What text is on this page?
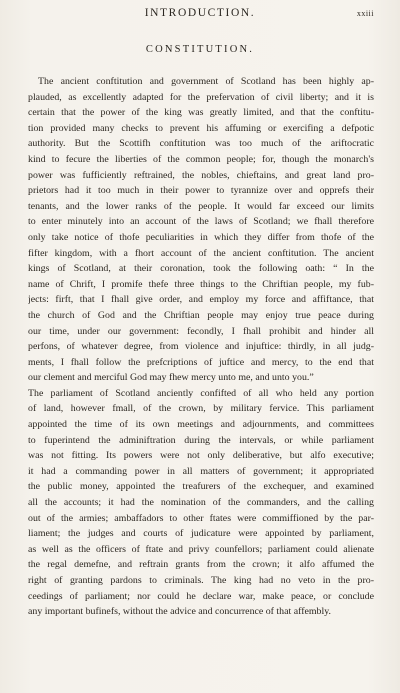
INTRODUCTION.	xxiii
CONSTITUTION.
The ancient conftitution and government of Scotland has been highly ap-
plauded, as excellently adapted for the prefervation of civil liberty; and it is
certain that the power of the king was greatly limited, and that the conftitu-
tion provided many checks to prevent his affuming or exercifing a defpotic
authority. But the Scottifh conftitution was too much of the ariftocratic
kind to fecure the liberties of the common people; for, though the monarch's
power was fufficiently reftrained, the nobles, chieftains, and great land pro-
prietors had it too much in their power to tyrannize over and opprefs their
tenants, and the lower ranks of the people. It would far exceed our limits
to enter minutely into an account of the laws of Scotland; we fhall therefore
only take notice of thofe peculiarities in which they differ from thofe of the
fifter kingdom, with a fhort account of the ancient conftitution. The ancient
kings of Scotland, at their coronation, took the following oath: “ In the
name of Chrift, I promife thefe three things to the Chriftian people, my fub-
jects: firft, that I fhall give order, and employ my force and affiftance, that
the church of God and the Chriftian people may enjoy true peace during
our time, under our government: fecondly, I fhall prohibit and hinder all
perfons, of whatever degree, from violence and injuftice: thirdly, in all judg-
ments, I fhall follow the prefcriptions of juftice and mercy, to the end that
our clement and merciful God may fhew mercy unto me, and unto you.”
The parliament of Scotland anciently confifted of all who held any portion
of land, however fmall, of the crown, by military fervice. This parliament
appointed the time of its own meetings and adjournments, and committees
to fuperintend the adminiftration during the intervals, or while parliament
was not fitting. Its powers were not only deliberative, but alfo executive;
it had a commanding power in all matters of government; it appropriated
the public money, appointed the treafurers of the exchequer, and examined
all the accounts; it had the nomination of the commanders, and the calling
out of the armies; ambaffadors to other ftates were commiffioned by the par-
liament; the judges and courts of judicature were appointed by parliament,
as well as the officers of ftate and privy counfellors; parliament could alienate
the regal demefne, and reftrain grants from the crown; it alfo affumed the
right of granting pardons to criminals. The king had no veto in the pro-
ceedings of parliament; nor could he declare war, make peace, or conclude
any important bufinefs, without the advice and concurrence of that affembly.
